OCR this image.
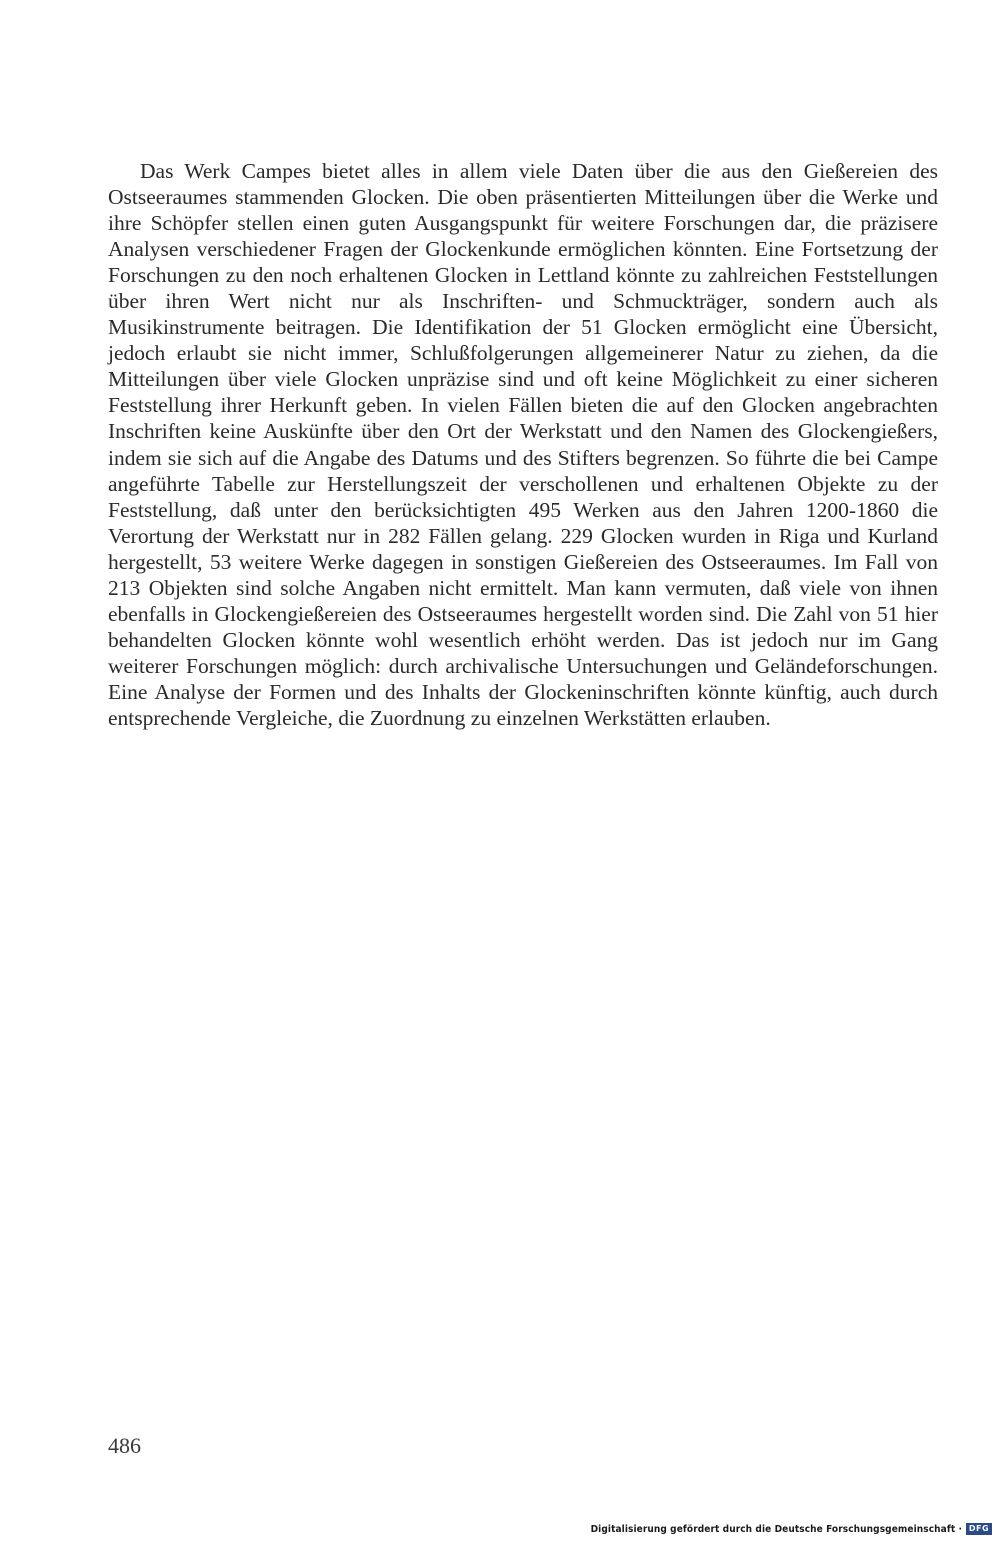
Das Werk Campes bietet alles in allem viele Daten über die aus den Gießereien des Ostseeraumes stammenden Glocken. Die oben präsentierten Mitteilungen über die Werke und ihre Schöpfer stellen einen guten Ausgangspunkt für weitere Forschungen dar, die präzisere Analysen verschiedener Fragen der Glockenkunde ermöglichen könnten. Eine Fortsetzung der Forschungen zu den noch erhaltenen Glocken in Lettland könnte zu zahlreichen Feststellungen über ihren Wert nicht nur als Inschriften- und Schmuckträger, sondern auch als Musikinstrumente beitragen. Die Identifikation der 51 Glocken ermöglicht eine Übersicht, jedoch erlaubt sie nicht immer, Schlußfolgerungen allgemeinerer Natur zu ziehen, da die Mitteilungen über viele Glocken unpräzise sind und oft keine Möglichkeit zu einer sicheren Feststellung ihrer Herkunft geben. In vielen Fällen bieten die auf den Glocken angebrachten Inschriften keine Auskünfte über den Ort der Werkstatt und den Namen des Glockengießers, indem sie sich auf die Angabe des Datums und des Stifters begrenzen. So führte die bei Campe angeführte Tabelle zur Herstellungszeit der verschollenen und erhaltenen Objekte zu der Feststellung, daß unter den berücksichtigten 495 Werken aus den Jahren 1200-1860 die Verortung der Werkstatt nur in 282 Fällen gelang. 229 Glocken wurden in Riga und Kurland hergestellt, 53 weitere Werke dagegen in sonstigen Gießereien des Ostseeraumes. Im Fall von 213 Objekten sind solche Angaben nicht ermittelt. Man kann vermuten, daß viele von ihnen ebenfalls in Glockengießereien des Ostseeraumes hergestellt worden sind. Die Zahl von 51 hier behandelten Glocken könnte wohl wesentlich erhöht werden. Das ist jedoch nur im Gang weiterer Forschungen möglich: durch archivalische Untersuchungen und Geländeforschungen. Eine Analyse der Formen und des Inhalts der Glockeninschriften könnte künftig, auch durch entsprechende Vergleiche, die Zuordnung zu einzelnen Werkstätten erlauben.

486

Digitalisierung gefördert durch die Deutsche Forschungsgemeinschaft · DFG
